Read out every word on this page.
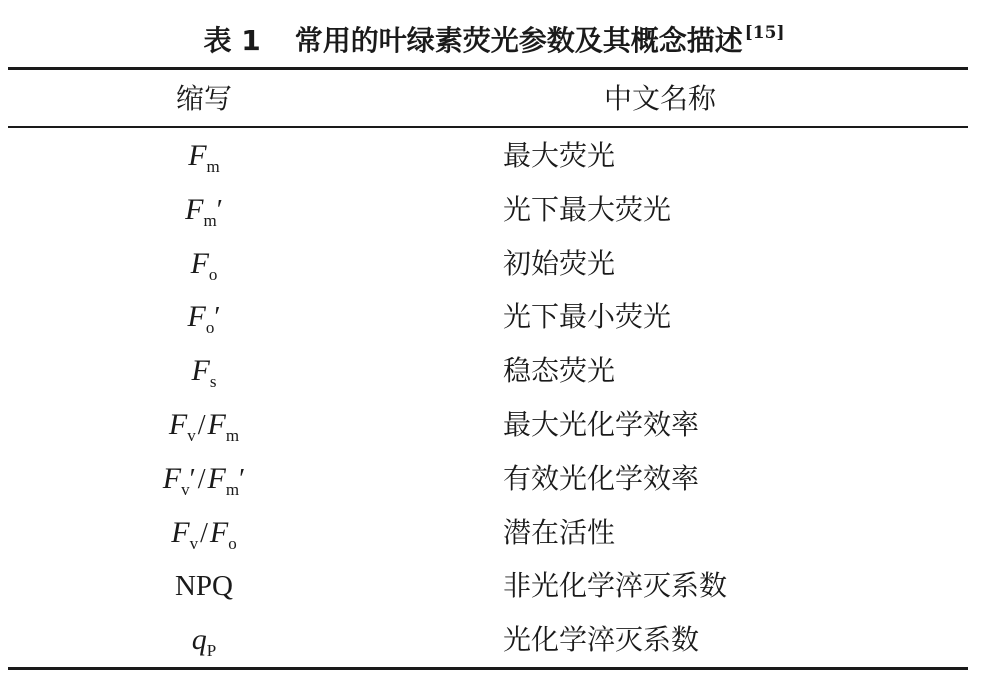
表 1 常用的叶绿素荧光参数及其概念描述 [15]
缩写	中文名称
$F_m$	最大荧光
$F_m'$	光下最大荧光
$F_o$	初始荧光
$F_o'$	光下最小荧光
$F_s$	稳态荧光
$F_v/F_m$	最大光化学效率
$F_v'/F_m'$	有效光化学效率
$F_v/F_o$	潜在活性
NPQ	非光化学淬灭系数
$q_P$	光化学淬灭系数
